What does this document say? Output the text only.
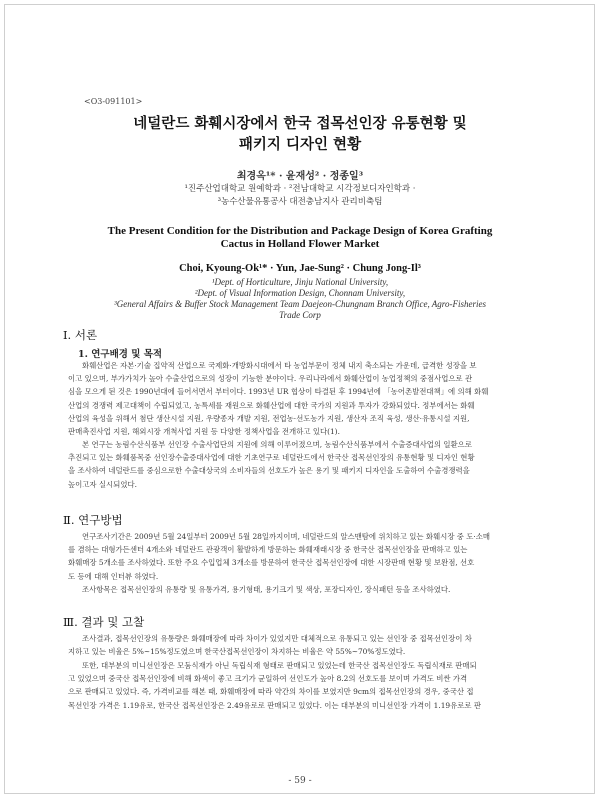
<O3-091101>
네덜란드 화훼시장에서 한국 접목선인장 유통현황 및
패키지 디자인 현황
최경옥¹* · 윤재성² · 정종일³
¹진주산업대학교 원예학과 · ²전남대학교 시각정보디자인학과 ·
³농수산물유통공사 대전충남지사 관리비축팀
The Present Condition for the Distribution and Package Design of Korea Grafting
Cactus in Holland Flower Market
Choi, Kyoung-Ok¹* · Yun, Jae-Sung² · Chung Jong-Il³
¹Dept. of Horticulture, Jinju National University,
²Dept. of Visual Information Design, Chonnam University,
³General Affairs & Buffer Stock Management Team Daejeon-Chungnam Branch Office, Agro-Fisheries
Trade Corp
Ⅰ. 서론
1. 연구배경 및 목적
화훼산업은 자본·기술 집약적 산업으로 국제화·개방화시대에서 타 농업부문이 정체 내지 축소되는 가운데, 급격한 성장을 보
이고 있으며, 부가가치가 높아 수출산업으로의 성장이 기능한 분야이다. 우리나라에서 화훼산업이 농업정책의 중점사업으로 관
심을 모으게 된 것은 1990년대에 들어서면서 부터이다. 1993년 UR 협상이 타결된 후 1994년에 「농어촌발전대책」에 의해 화훼
산업의 경쟁력 제고대책이 수립되었고, 농특세를 재원으로 화훼산업에 대한 국가의 지원과 투자가 강화되었다. 정부에서는 화훼
산업의 육성을 위해서 첨단 생산시설 지원, 우량종자 개발 지원, 전업농·선도농가 지원, 생산자 조직 육성, 생산·유통시설 지원,
판매촉진사업 지원, 해외시장 개척사업 지원 등 다양한 정책사업을 전개하고 있다(1).
본 연구는 농림수산식품부 선인장 수출사업단의 지원에 의해 이루어졌으며, 농림수산식품부에서 수출증대사업의 일환으로
추진되고 있는 화훼품목중 선인장수출증대사업에 대한 기초연구로 네덜란드에서 한국산 접목선인장의 유통현황 및 디자인 현황
을 조사하여 네덜란드를 중심으로한 수출대상국의 소비자들의 선호도가 높은 용기 및 패키지 디자인을 도출하여 수출경쟁력을
높이고자 실시되었다.
Ⅱ. 연구방법
연구조사기간은 2009년 5월 24일부터 2009년 5월 28일까지이며, 네덜란드의 알스맨탐에 위치하고 있는 화훼시장 중 도·소매
를 겸하는 대형가든센터 4개소와 네덜란드 관광객이 활발하게 방문하는 화훼재래시장 중 한국산 접목선인장을 판매하고 있는
화훼매장 5개소를 조사하였다. 또한 주요 수입업체 3개소를 방문하여 한국산 접목선인장에 대한 시장판매 현황 및 보완점, 선호
도 등에 대해 인터뷰 하였다.
조사항목은 접목선인장의 유통량 및 유통가격, 용기형태, 용기크기 및 색상, 포장디자인, 장식패턴 등을 조사하였다.
Ⅲ. 결과 및 고찰
조사결과, 접목선인장의 유통량은 화훼매장에 따라 차이가 있었지만 대체적으로 유통되고 있는 선인장 중 접목선인장이 차
지하고 있는 비율은 5%~15%정도였으며 한국산접목선인장이 차지하는 비율은 약 55%~70%정도였다.
또한, 대부분의 미니선인장은 모둠식재가 아닌 독립식재 형태로 판매되고 있었는데 한국산 접목선인장도 독립식재로 판매되
고 있었으며 중국산 접목선인장에 비해 화색이 좋고 크기가 균일하여 선인도가 높아 8.2의 선호도를 보이며 가격도 비싼 가격
으로 판매되고 있었다. 즉, 가격비교를 해본 때, 화훼매장에 따라 약간의 차이를 보였지만 9cm의 접목선인장의 경우, 중국산 접
목선인장 가격은 1.19유로, 한국산 접목선인장은 2.49유로로 판매되고 있었다. 이는 대부분의 미니선인장 가격이 1.19유로로 판
- 59 -
